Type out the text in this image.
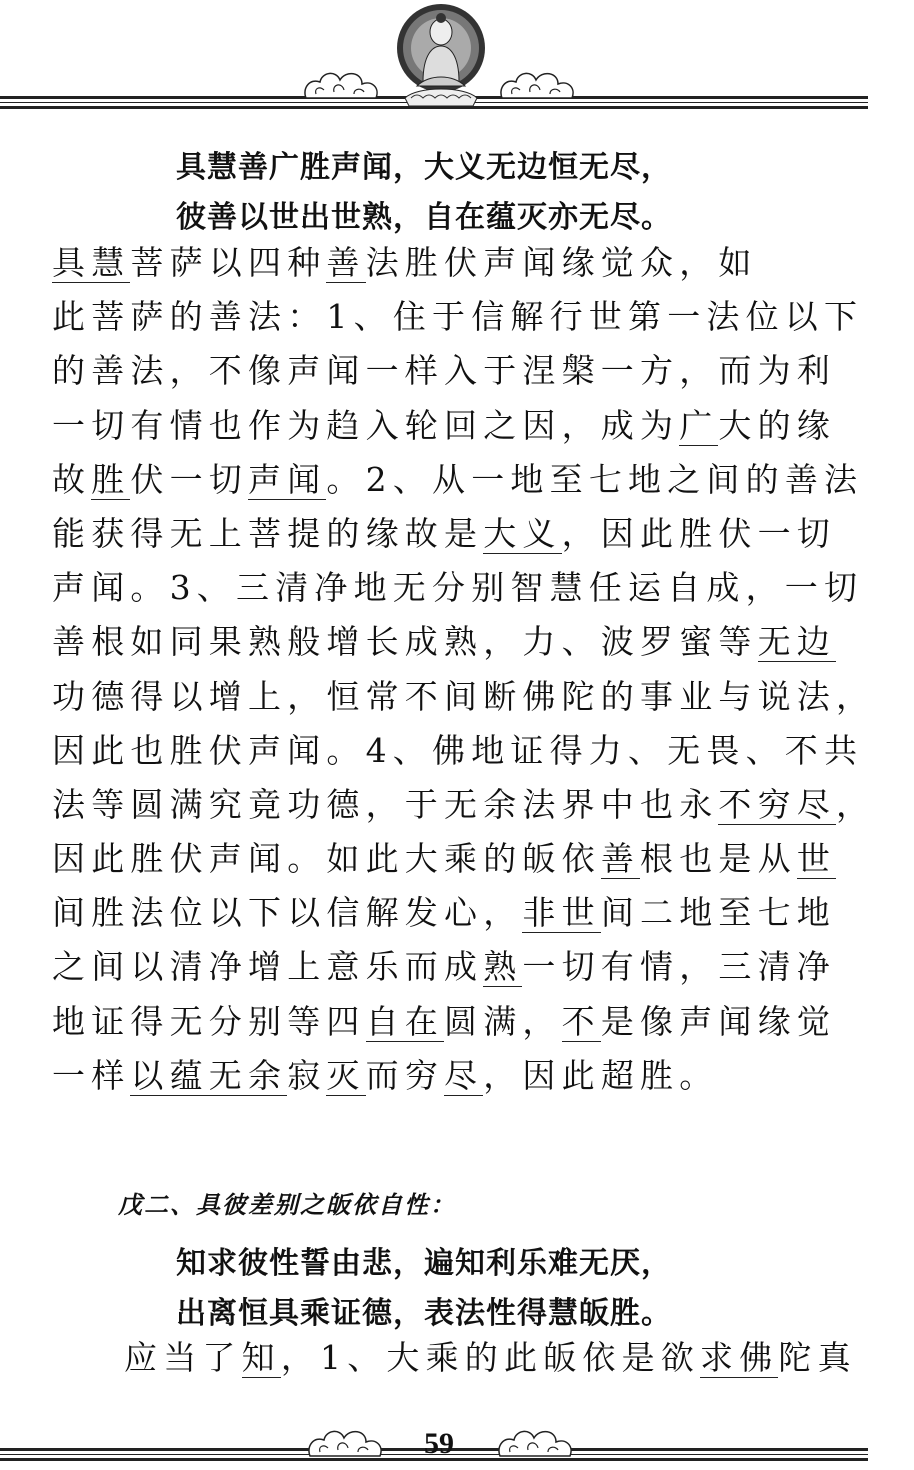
具慧善广胜声闻，大义无边恒无尽，
彼善以世出世熟，自在蕴灭亦无尽。
具慧菩萨以四种善法胜伏声闻缘觉众，如
此菩萨的善法：1、住于信解行世第一法位以下
的善法，不像声闻一样入于涅槃一方，而为利
一切有情也作为趋入轮回之因，成为广大的缘
故胜伏一切声闻。2、从一地至七地之间的善法
能获得无上菩提的缘故是大义，因此胜伏一切
声闻。3、三清净地无分别智慧任运自成，一切
善根如同果熟般增长成熟，力、波罗蜜等无边
功德得以增上，恒常不间断佛陀的事业与说法，
因此也胜伏声闻。4、佛地证得力、无畏、不共
法等圆满究竟功德，于无余法界中也永不穷尽，
因此胜伏声闻。如此大乘的皈依善根也是从世
间胜法位以下以信解发心，非世间二地至七地
之间以清净增上意乐而成熟一切有情，三清净
地证得无分别等四自在圆满，不是像声闻缘觉
一样以蕴无余寂灭而穷尽，因此超胜。
戊二、具彼差别之皈依自性：
知求彼性誓由悲，遍知利乐难无厌，
出离恒具乘证德，表法性得慧皈胜。
应当了知，1、大乘的此皈依是欲求佛陀真
59
